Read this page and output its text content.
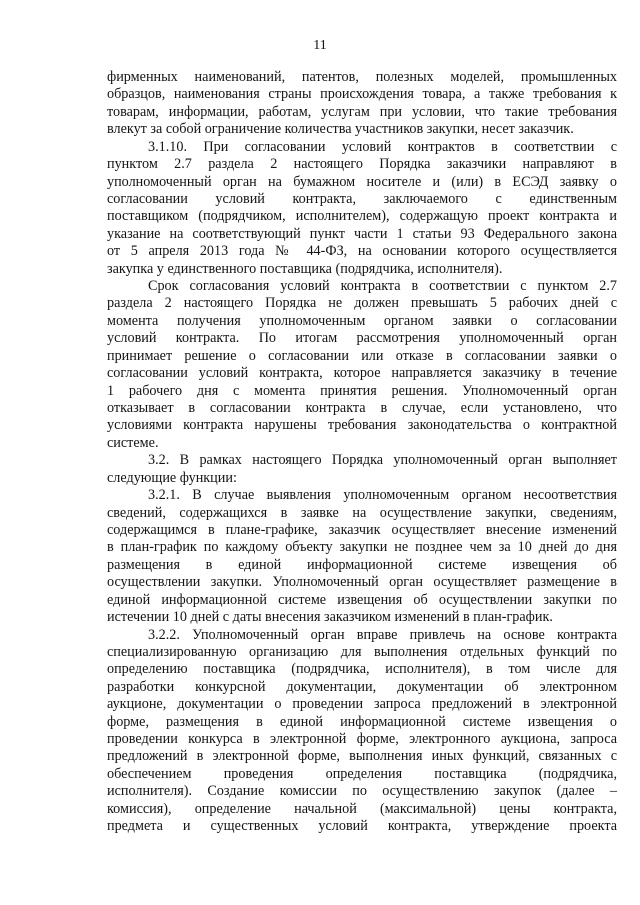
11
фирменных наименований, патентов, полезных моделей, промышленных
образцов, наименования страны происхождения товара, а также требования к
товарам, информации, работам, услугам при условии, что такие требования
влекут за собой ограничение количества участников закупки, несет заказчик.
3.1.10. При согласовании условий контрактов в соответствии с
пунктом 2.7 раздела 2 настоящего Порядка заказчики направляют в
уполномоченный орган на бумажном носителе и (или) в ЕСЭД заявку о
согласовании условий контракта, заключаемого с единственным
поставщиком (подрядчиком, исполнителем), содержащую проект контракта и
указание на соответствующий пункт части 1 статьи 93 Федерального закона
от 5 апреля 2013 года № 44-ФЗ, на основании которого осуществляется
закупка у единственного поставщика (подрядчика, исполнителя).
Срок согласования условий контракта в соответствии с пунктом 2.7
раздела 2 настоящего Порядка не должен превышать 5 рабочих дней с
момента получения уполномоченным органом заявки о согласовании
условий контракта. По итогам рассмотрения уполномоченный орган
принимает решение о согласовании или отказе в согласовании заявки о
согласовании условий контракта, которое направляется заказчику в течение
1 рабочего дня с момента принятия решения. Уполномоченный орган
отказывает в согласовании контракта в случае, если установлено, что
условиями контракта нарушены требования законодательства о контрактной
системе.
3.2. В рамках настоящего Порядка уполномоченный орган выполняет
следующие функции:
3.2.1. В случае выявления уполномоченным органом несоответствия
сведений, содержащихся в заявке на осуществление закупки, сведениям,
содержащимся в плане-графике, заказчик осуществляет внесение изменений
в план-график по каждому объекту закупки не позднее чем за 10 дней до дня
размещения в единой информационной системе извещения об
осуществлении закупки. Уполномоченный орган осуществляет размещение в
единой информационной системе извещения об осуществлении закупки по
истечении 10 дней с даты внесения заказчиком изменений в план-график.
3.2.2. Уполномоченный орган вправе привлечь на основе контракта
специализированную организацию для выполнения отдельных функций по
определению поставщика (подрядчика, исполнителя), в том числе для
разработки конкурсной документации, документации об электронном
аукционе, документации о проведении запроса предложений в электронной
форме, размещения в единой информационной системе извещения о
проведении конкурса в электронной форме, электронного аукциона, запроса
предложений в электронной форме, выполнения иных функций, связанных с
обеспечением проведения определения поставщика (подрядчика,
исполнителя). Создание комиссии по осуществлению закупок (далее –
комиссия), определение начальной (максимальной) цены контракта,
предмета и существенных условий контракта, утверждение проекта
